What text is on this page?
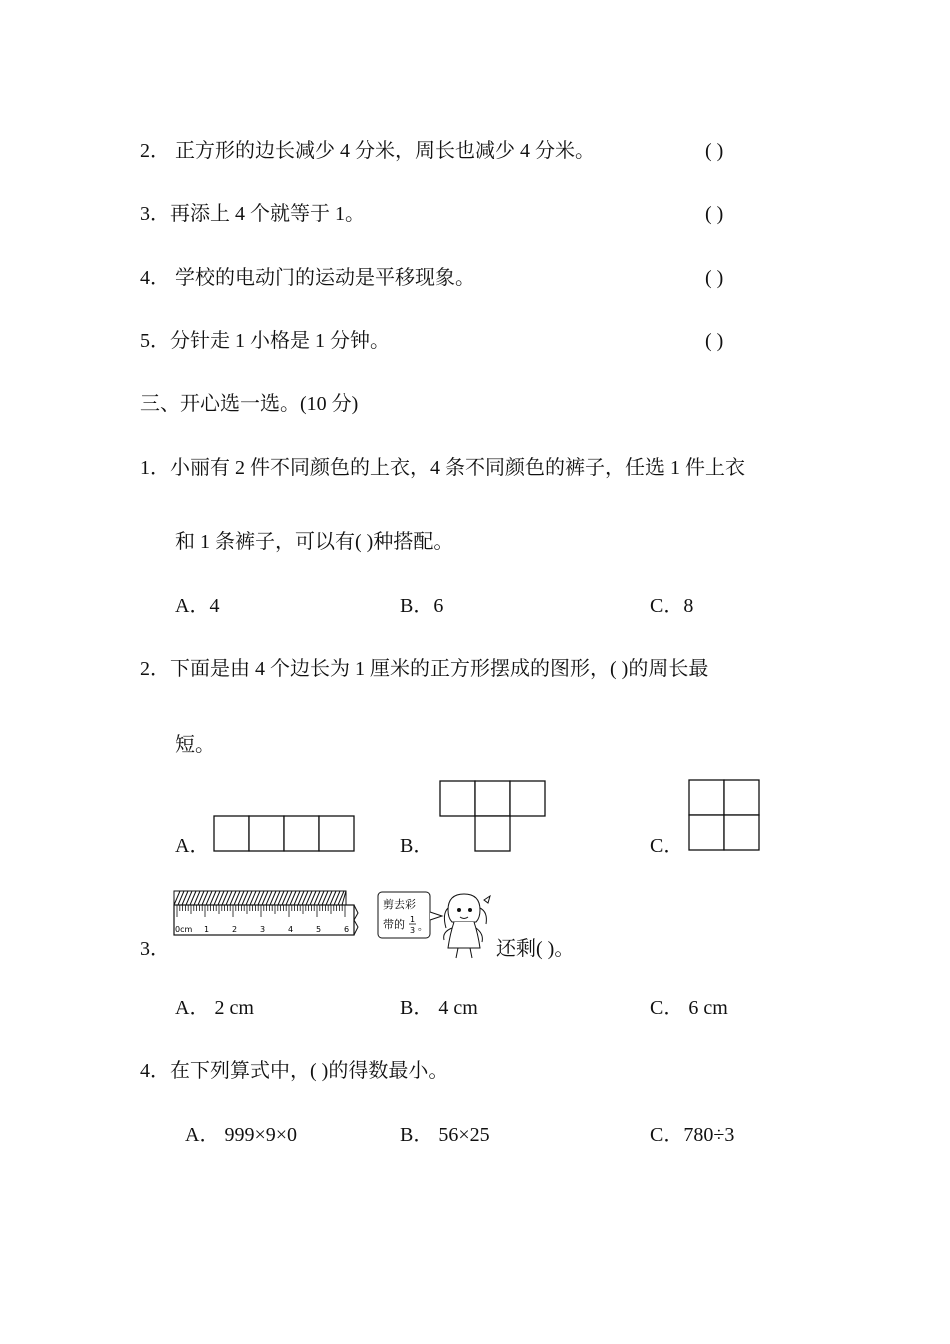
2． 正方形的边长减少 4 分米，周长也减少 4 分米。	( )
3．再添上 4 个就等于 1。	( )
4． 学校的电动门的运动是平移现象。	( )
5．分针走 1 小格是 1 分钟。	( )
三、开心选一选。(10 分)
1．小丽有 2 件不同颜色的上衣，4 条不同颜色的裤子，任选 1 件上衣
和 1 条裤子，可以有( )种搭配。
A．4	B．6	C．8
2．下面是由 4 个边长为 1 厘米的正方形摆成的图形，( )的周长最
短。
A．	B．	C．
3．
0cm 1	2	3	4	5	6
剪去彩
带的 1
3 。
还剩( )。
A． 2 cm	B． 4 cm	C． 6 cm
4．在下列算式中，( )的得数最小。
A． 999×9×0	B． 56×25	C．780÷3
